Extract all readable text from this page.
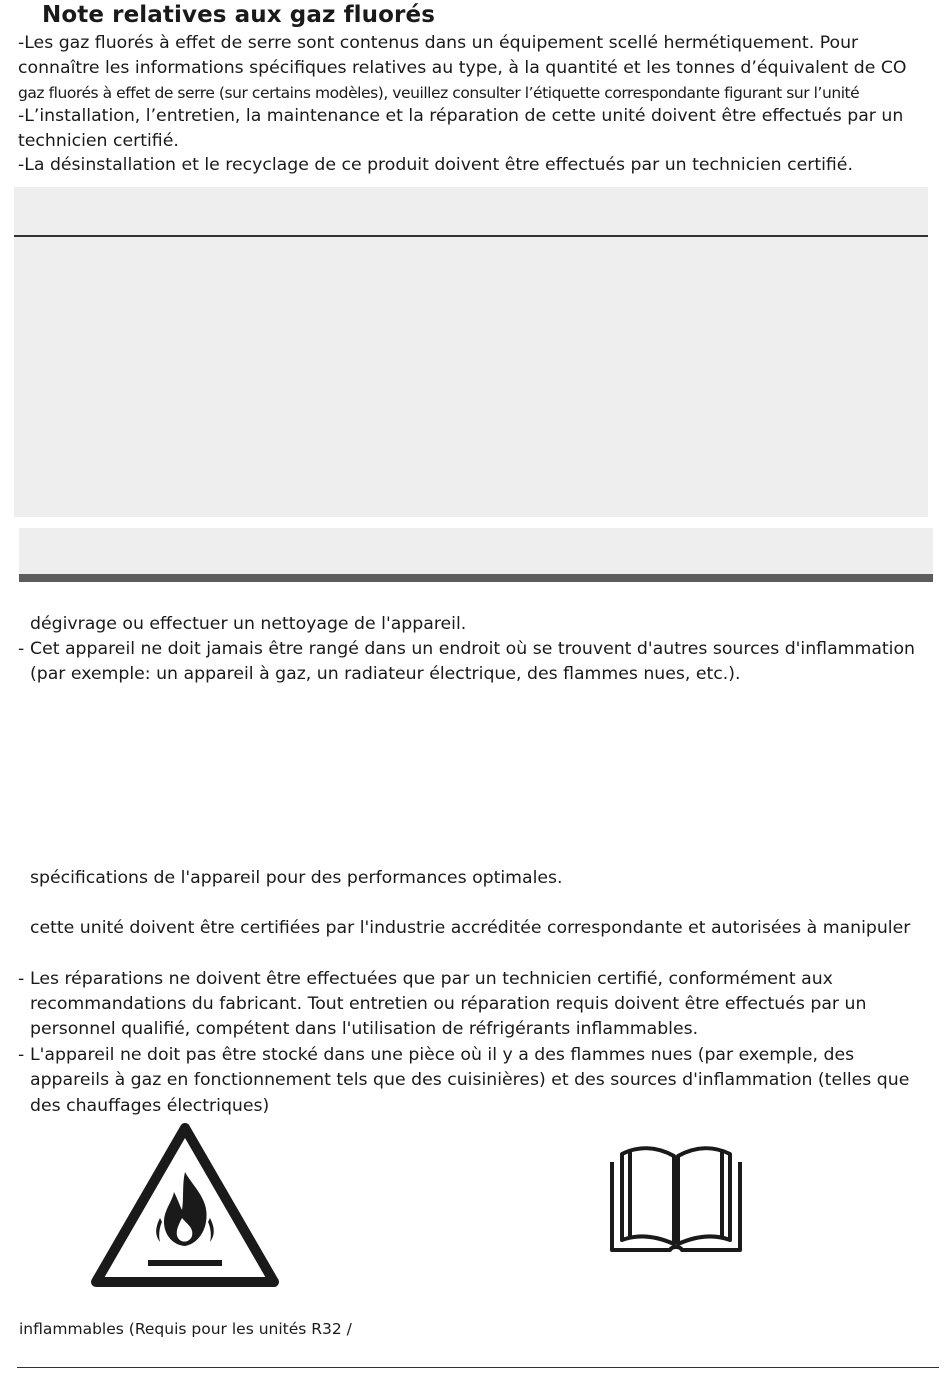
Note relatives aux gaz fluorés
-Les gaz fluorés à effet de serre sont contenus dans un équipement scellé hermétiquement. Pour
connaître les informations spécifiques relatives au type, à la quantité et les tonnes d’équivalent de CO
gaz fluorés à effet de serre (sur certains modèles), veuillez consulter l’étiquette correspondante figurant sur l’unité
-L’installation, l’entretien, la maintenance et la réparation de cette unité doivent être effectués par un
technicien certifié.
-La désinstallation et le recyclage de ce produit doivent être effectués par un technicien certifié.
dégivrage ou effectuer un nettoyage de l'appareil.
- Cet appareil ne doit jamais être rangé dans un endroit où se trouvent d'autres sources d'inflammation
(par exemple: un appareil à gaz, un radiateur électrique, des flammes nues, etc.).
spécifications de l'appareil pour des performances optimales.
cette unité doivent être certifiées par l'industrie accréditée correspondante et autorisées à manipuler
- Les réparations ne doivent être effectuées que par un technicien certifié, conformément aux
recommandations du fabricant. Tout entretien ou réparation requis doivent être effectués par un
personnel qualifié, compétent dans l'utilisation de réfrigérants inflammables.
- L'appareil ne doit pas être stocké dans une pièce où il y a des flammes nues (par exemple, des
appareils à gaz en fonctionnement tels que des cuisinières) et des sources d'inflammation (telles que
des chauffages électriques)
inflammables (Requis pour les unités R32 /
